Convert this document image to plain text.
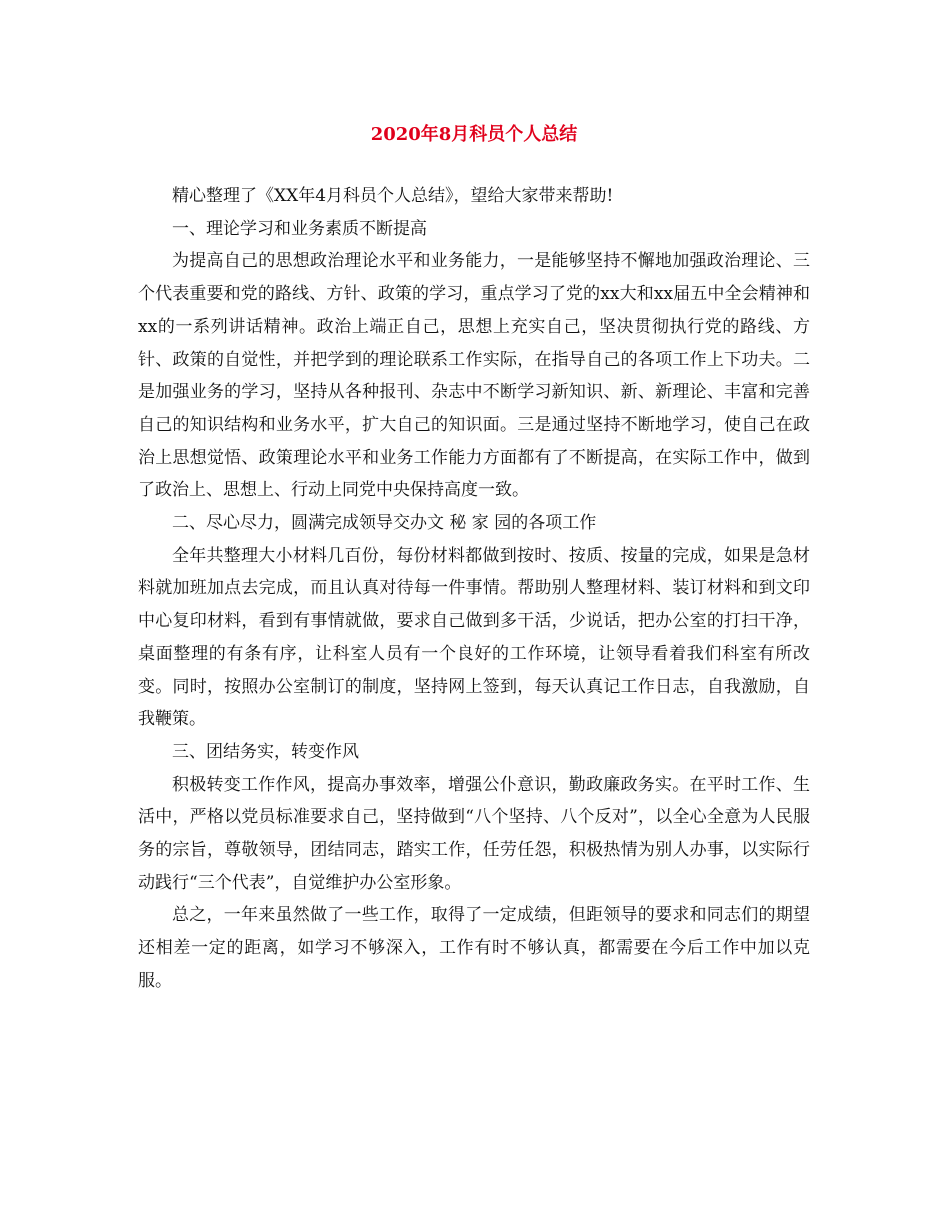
2020年8月科员个人总结

精心整理了《XX年4月科员个人总结》，望给大家带来帮助!

一、理论学习和业务素质不断提高

为提高自己的思想政治理论水平和业务能力，一是能够坚持不懈地加强政治理论、三个代表重要和党的路线、方针、政策的学习，重点学习了党的xx大和xx届五中全会精神和xx的一系列讲话精神。政治上端正自己，思想上充实自己，坚决贯彻执行党的路线、方针、政策的自觉性，并把学到的理论联系工作实际，在指导自己的各项工作上下功夫。二是加强业务的学习，坚持从各种报刊、杂志中不断学习新知识、新、新理论、丰富和完善自己的知识结构和业务水平，扩大自己的知识面。三是通过坚持不断地学习，使自己在政治上思想觉悟、政策理论水平和业务工作能力方面都有了不断提高，在实际工作中，做到了政治上、思想上、行动上同党中央保持高度一致。

二、尽心尽力，圆满完成领导交办文 秘 家 园的各项工作

全年共整理大小材料几百份，每份材料都做到按时、按质、按量的完成，如果是急材料就加班加点去完成，而且认真对待每一件事情。帮助别人整理材料、装订材料和到文印中心复印材料，看到有事情就做，要求自己做到多干活，少说话，把办公室的打扫干净，桌面整理的有条有序，让科室人员有一个良好的工作环境，让领导看着我们科室有所改变。同时，按照办公室制订的制度，坚持网上签到，每天认真记工作日志，自我激励，自我鞭策。

三、团结务实，转变作风

积极转变工作作风，提高办事效率，增强公仆意识，勤政廉政务实。在平时工作、生活中，严格以党员标准要求自己，坚持做到“八个坚持、八个反对”，以全心全意为人民服务的宗旨，尊敬领导，团结同志，踏实工作，任劳任怨，积极热情为别人办事，以实际行动践行“三个代表”，自觉维护办公室形象。

总之，一年来虽然做了一些工作，取得了一定成绩，但距领导的要求和同志们的期望还相差一定的距离，如学习不够深入，工作有时不够认真，都需要在今后工作中加以克服。
